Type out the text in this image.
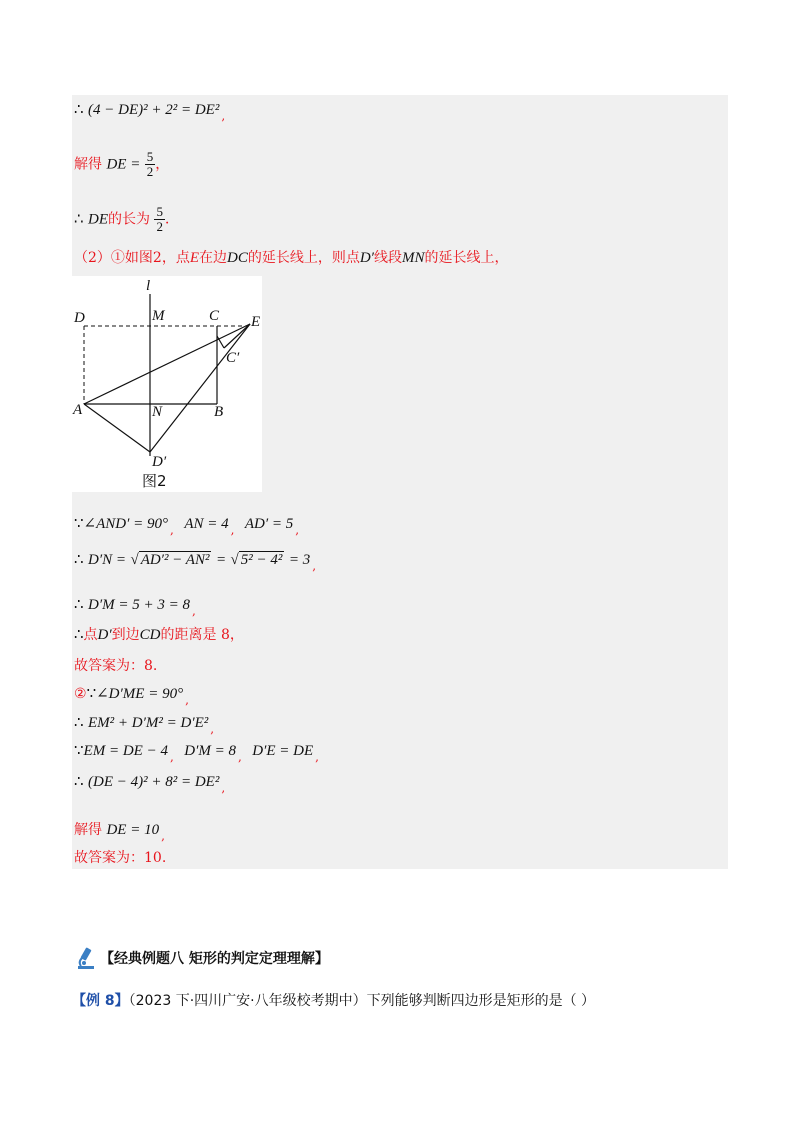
∴ (4 − DE)² + 2² = DE² ,
解得 DE = $\frac{5}{2}$ ，
∴ DE的长为 $\frac{5}{2}$ ．
（2）①如图2，点E在边DC的延长线上，则点D′线段MN的延长线上，
l
D	M	C E
C′
A	N	B
D′
图2
∵∠AND′ = 90° , AN = 4 , AD′ = 5 ,
∴ D′N = √ AD′² − AN² = √ 5² − 4² = 3 ,
∴ D′M = 5 + 3 = 8 ,
∴点D′到边CD的距离是 8，
故答案为：8.
②∵∠D′ME = 90° ,
∴ EM² + D′M² = D′E² ,
∵EM = DE − 4 , D′M = 8 , D′E = DE ,
∴ (DE − 4)² + 8² = DE² ,
解得 DE = 10 ,
故答案为：10.
【经典例题八 矩形的判定定理理解】
【例 8】（2023 下·四川广安·八年级校考期中）下列能够判断四边形是矩形的是（ ）
